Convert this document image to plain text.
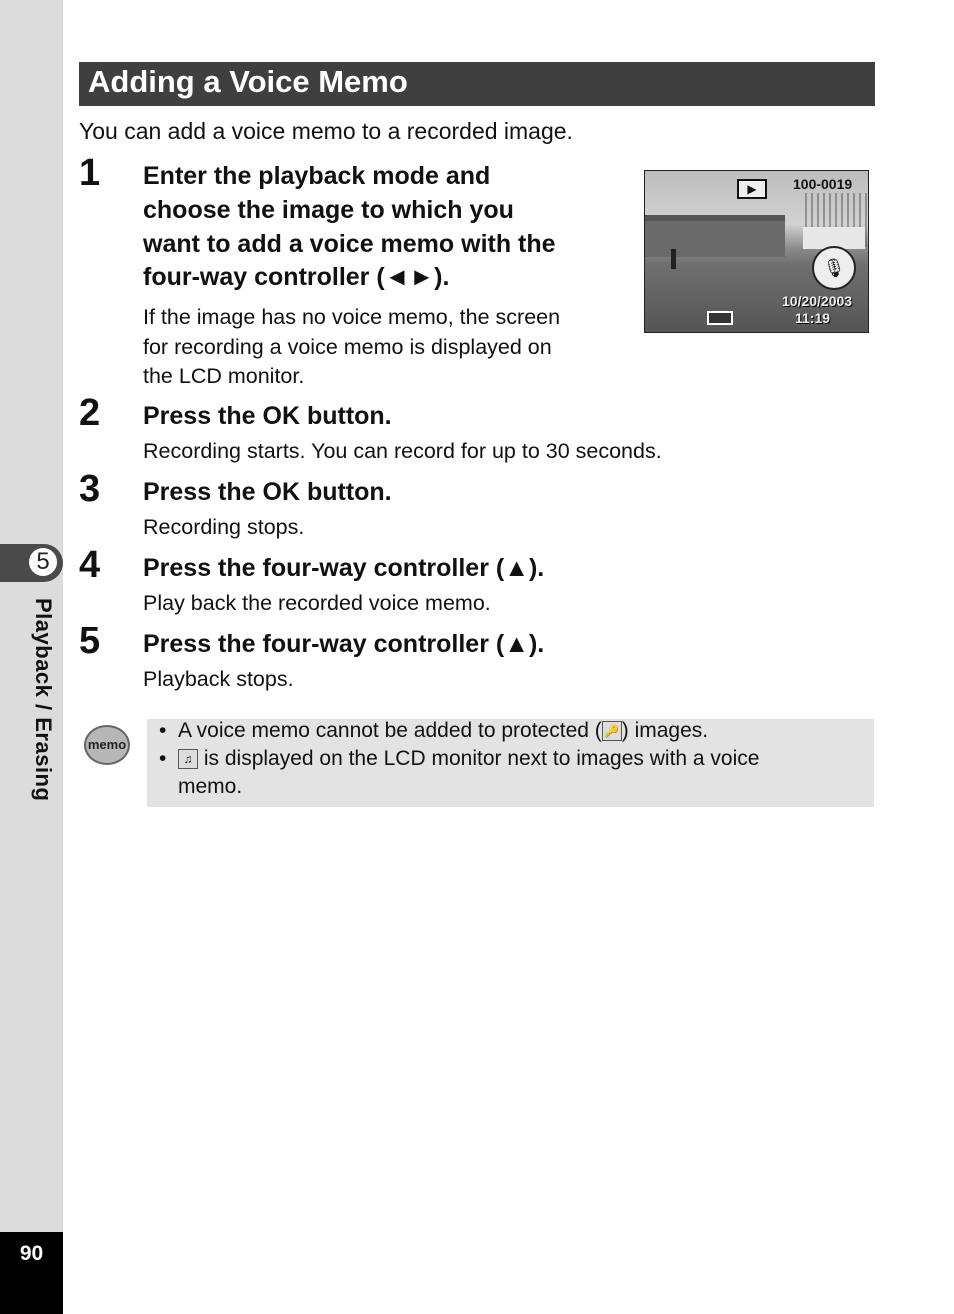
5
Playback / Erasing
90
Adding a Voice Memo
You can add a voice memo to a recorded image.
1 Enter the playback mode and
choose the image to which you
want to add a voice memo with the
four-way controller (◄►).
If the image has no voice memo, the screen
for recording a voice memo is displayed on
the LCD monitor.
▶	100-0019
🎙
10/20/2003
11:19
2 Press the OK button.
Recording starts. You can record for up to 30 seconds.
3 Press the OK button.
Recording stops.
4 Press the four-way controller (▲).
Play back the recorded voice memo.
5 Press the four-way controller (▲).
Playback stops.
memo
• A voice memo cannot be added to protected ( 🔑 ) images.
•	♫ is displayed on the LCD monitor next to images with a voice
memo.
